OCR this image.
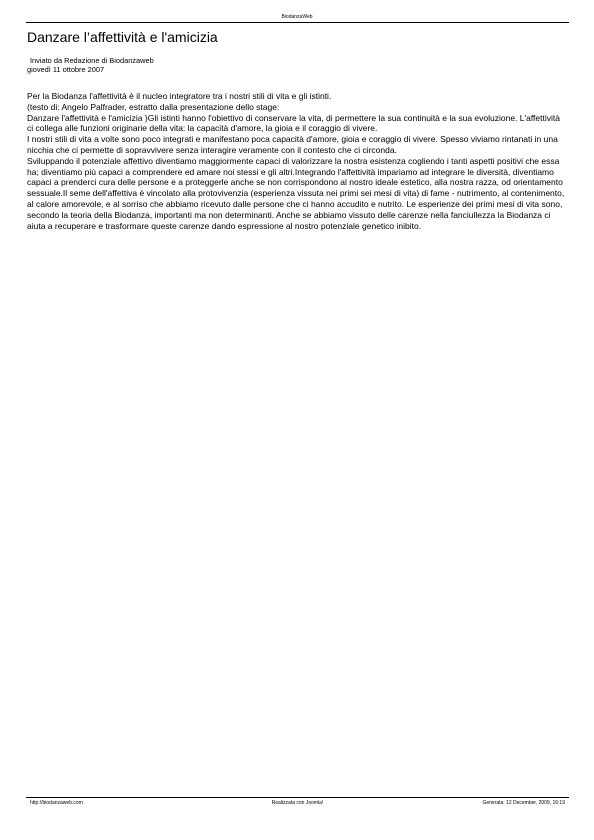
BiodanzaWeb
Danzare l’affettività e l'amicizia
Inviato da Redazione di Biodanzaweb
giovedì 11 ottobre 2007

Per la Biodanza l'affettività è il nucleo integratore tra i nostri stili di vita e gli istinti.

(testo di: Angelo Palfrader, estratto dalla presentazione dello stage:

Danzare l'affettività e l'amicizia )Gli istinti hanno l'obiettivo di conservare la vita, di permettere la sua continuità e la sua evoluzione. L'affettività ci collega alle funzioni originarie della vita: la capacità d'amore, la gioia e il coraggio di vivere.

I nostri stili di vita a volte sono poco integrati e manifestano poca capacità d'amore, gioia e coraggio di vivere. Spesso viviamo rintanati in una nicchia che ci permette di sopravvivere senza interagire veramente con il contesto che ci circonda.

Sviluppando il potenziale affettivo diventiamo maggiormente capaci di valorizzare la nostra esistenza cogliendo i tanti aspetti positivi che essa ha; diventiamo più capaci a comprendere ed amare noi stessi e gli altri.Integrando l'affettività impariamo ad integrare le diversità, diventiamo capaci a prenderci cura delle persone e a proteggerle anche se non corrispondono al nostro ideale estetico, alla nostra razza, od orientamento sessuale.Il seme dell'affettiva è vincolato alla protovivenzia (esperienza vissuta nei primi sei mesi di vita) di fame - nutrimento, al contenimento, al calore amorevole, e al sorriso che abbiamo ricevuto dalle persone che ci hanno accudito e nutrito. Le esperienze dei primi mesi di vita sono, secondo la teoria della Biodanza, importanti ma non determinanti. Anche se abbiamo vissuto delle carenze nella fanciullezza la Biodanza ci aiuta a recuperare e trasformare queste carenze dando espressione al nostro potenziale genetico inibito.

http://biodanzaweb.com	Realizzata con Joomla!	Generata: 12 December, 2009, 16:19
